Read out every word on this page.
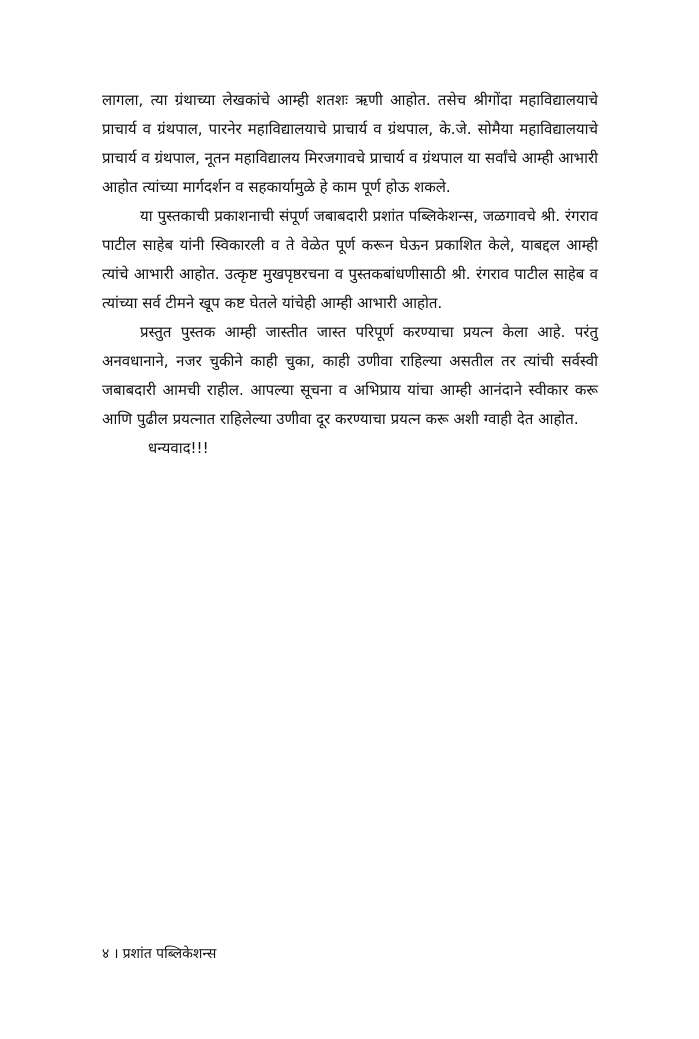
लागला, त्या ग्रंथाच्या लेखकांचे आम्ही शतशः ऋणी आहोत. तसेच श्रीगोंदा महाविद्यालयाचे प्राचार्य व ग्रंथपाल, पारनेर महाविद्यालयाचे प्राचार्य व ग्रंथपाल, के.जे. सोमैया महाविद्यालयाचे प्राचार्य व ग्रंथपाल, नूतन महाविद्यालय मिरजगावचे प्राचार्य व ग्रंथपाल या सर्वांचे आम्ही आभारी आहोत त्यांच्या मार्गदर्शन व सहकार्यामुळे हे काम पूर्ण होऊ शकले.

या पुस्तकाची प्रकाशनाची संपूर्ण जबाबदारी प्रशांत पब्लिकेशन्स, जळगावचे श्री. रंगराव पाटील साहेब यांनी स्विकारली व ते वेळेत पूर्ण करून घेऊन प्रकाशित केले, याबद्दल आम्ही त्यांचे आभारी आहोत. उत्कृष्ट मुखपृष्ठरचना व पुस्तकबांधणीसाठी श्री. रंगराव पाटील साहेब व त्यांच्या सर्व टीमने खूप कष्ट घेतले यांचेही आम्ही आभारी आहोत.

प्रस्तुत पुस्तक आम्ही जास्तीत जास्त परिपूर्ण करण्याचा प्रयत्न केला आहे. परंतु अनवधानाने, नजर चुकीने काही चुका, काही उणीवा राहिल्या असतील तर त्यांची सर्वस्वी जबाबदारी आमची राहील. आपल्या सूचना व अभिप्राय यांचा आम्ही आनंदाने स्वीकार करू आणि पुढील प्रयत्नात राहिलेल्या उणीवा दूर करण्याचा प्रयत्न करू अशी ग्वाही देत आहोत.

धन्यवाद!!!

४ । प्रशांत पब्लिकेशन्स
